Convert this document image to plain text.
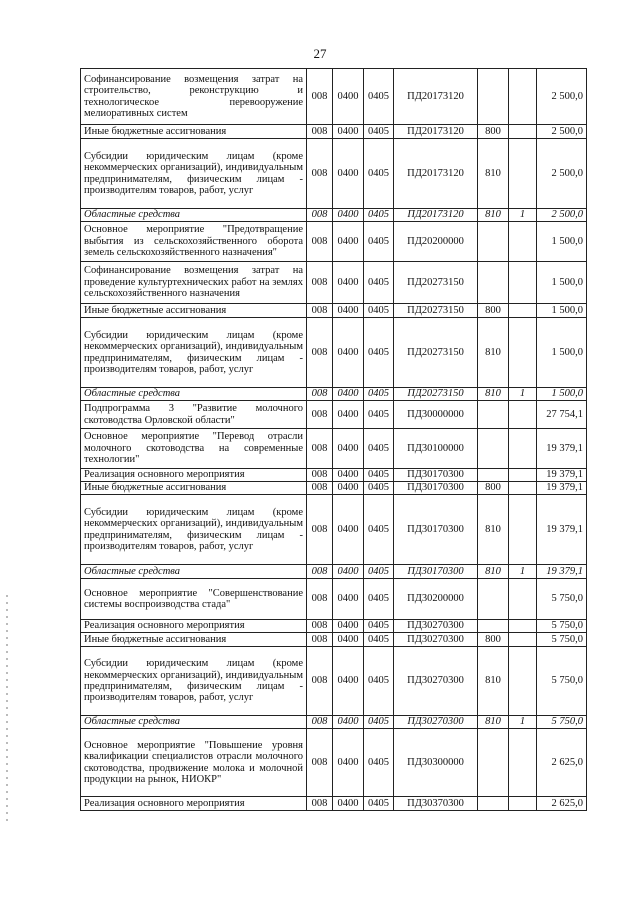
27
Софинансирование возмещения затрат на строительство, реконструкцию и технологическое перевооружение мелиоративных систем	008	0400	0405	ПД20173120			2 500,0
Иные бюджетные ассигнования	008	0400	0405	ПД20173120	800		2 500,0
Субсидии юридическим лицам (кроме некоммерческих организаций), индивидуальным предпринимателям, физическим лицам - производителям товаров, работ, услуг	008	0400	0405	ПД20173120	810		2 500,0
Областные средства	008	0400	0405	ПД20173120	810	1	2 500,0
Основное мероприятие "Предотвращение выбытия из сельскохозяйственного оборота земель сельскохозяйственного назначения"	008	0400	0405	ПД20200000			1 500,0
Софинансирование возмещения затрат на проведение культуртехнических работ на землях сельскохозяйственного назначения	008	0400	0405	ПД20273150			1 500,0
Иные бюджетные ассигнования	008	0400	0405	ПД20273150	800		1 500,0
Субсидии юридическим лицам (кроме некоммерческих организаций), индивидуальным предпринимателям, физическим лицам - производителям товаров, работ, услуг	008	0400	0405	ПД20273150	810		1 500,0
Областные средства	008	0400	0405	ПД20273150	810	1	1 500,0
Подпрограмма 3 "Развитие молочного скотоводства Орловской области"	008	0400	0405	ПД30000000			27 754,1
Основное мероприятие "Перевод отрасли молочного скотоводства на современные технологии"	008	0400	0405	ПД30100000			19 379,1
Реализация основного мероприятия	008	0400	0405	ПД30170300			19 379,1
Иные бюджетные ассигнования	008	0400	0405	ПД30170300	800		19 379,1
Субсидии юридическим лицам (кроме некоммерческих организаций), индивидуальным предпринимателям, физическим лицам - производителям товаров, работ, услуг	008	0400	0405	ПД30170300	810		19 379,1
Областные средства	008	0400	0405	ПД30170300	810	1	19 379,1
Основное мероприятие "Совершенствование системы воспроизводства стада"	008	0400	0405	ПД30200000			5 750,0
Реализация основного мероприятия	008	0400	0405	ПД30270300			5 750,0
Иные бюджетные ассигнования	008	0400	0405	ПД30270300	800		5 750,0
Субсидии юридическим лицам (кроме некоммерческих организаций), индивидуальным предпринимателям, физическим лицам - производителям товаров, работ, услуг	008	0400	0405	ПД30270300	810		5 750,0
Областные средства	008	0400	0405	ПД30270300	810	1	5 750,0
Основное мероприятие "Повышение уровня квалификации специалистов отрасли молочного скотоводства, продвижение молока и молочной продукции на рынок, НИОКР"	008	0400	0405	ПД30300000			2 625,0
Реализация основного мероприятия	008	0400	0405	ПД30370300			2 625,0
